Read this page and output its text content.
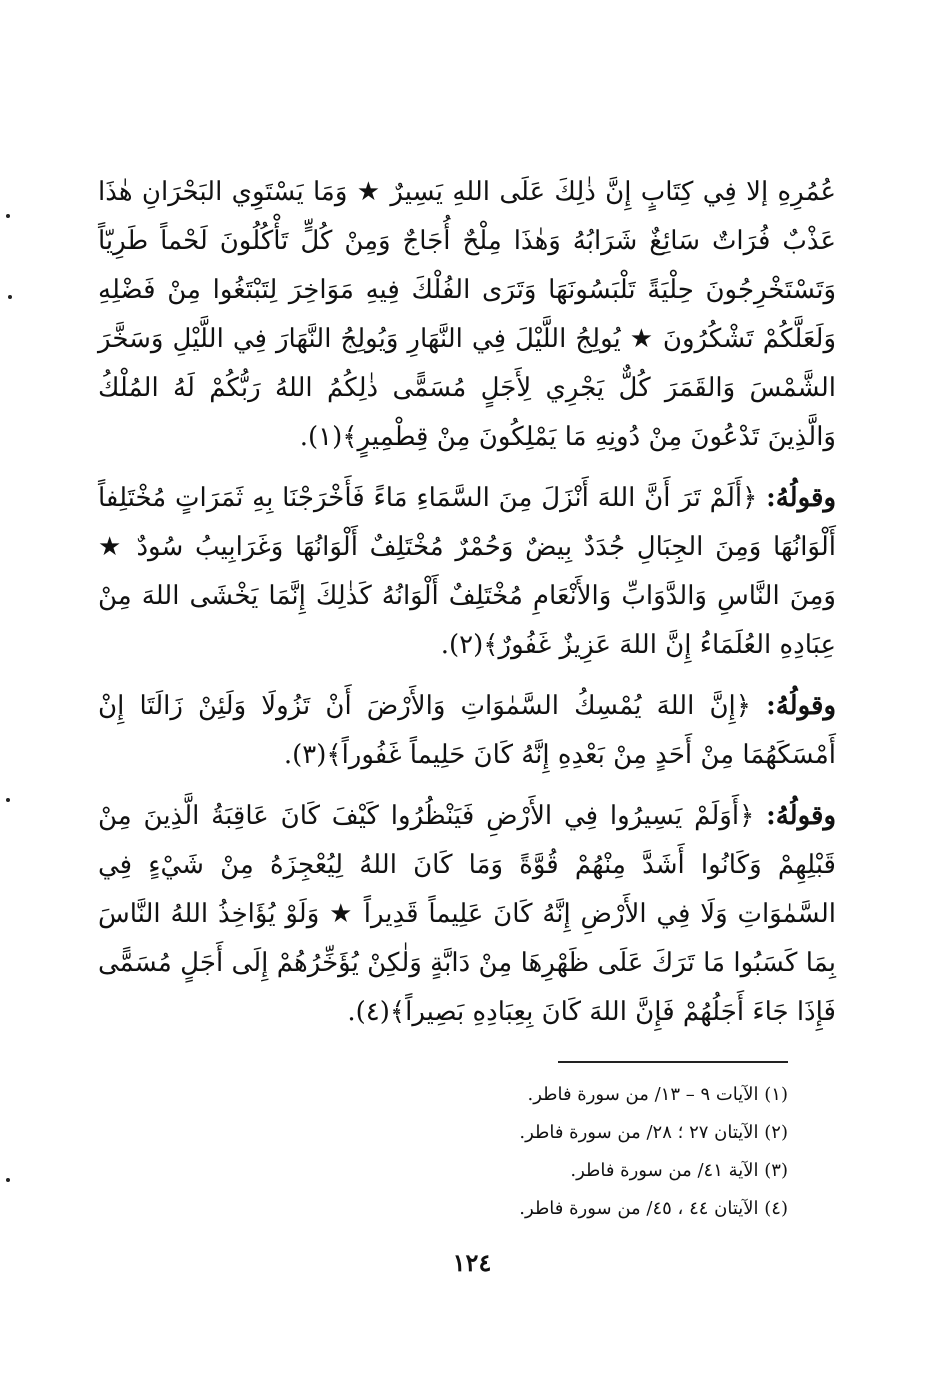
عُمُرِهِ إلا فِي كِتَابٍ إِنَّ ذٰلِكَ عَلَى اللهِ يَسِيرٌ ★ وَمَا يَسْتَوِي البَحْرَانِ هٰذَا عَذْبٌ فُرَاتٌ سَائِغٌ شَرَابُهُ وَهٰذَا مِلْحٌ أُجَاجٌ وَمِنْ كُلٍّ تَأْكُلُونَ لَحْماً طَرِيّاً وَتَسْتَخْرِجُونَ حِلْيَةً تَلْبَسُونَهَا وَتَرَى الفُلْكَ فِيهِ مَوَاخِرَ لِتَبْتَغُوا مِنْ فَضْلِهِ وَلَعَلَّكُمْ تَشْكُرُونَ ★ يُولِجُ اللَّيْلَ فِي النَّهَارِ وَيُولِجُ النَّهَارَ فِي اللَّيْلِ وَسَخَّرَ الشَّمْسَ وَالقَمَرَ كُلٌّ يَجْرِي لِأَجَلٍ مُسَمًّى ذٰلِكُمُ اللهُ رَبُّكُمْ لَهُ المُلْكُ وَالَّذِينَ تَدْعُونَ مِنْ دُونِهِ مَا يَمْلِكُونَ مِنْ قِطْمِيرٍ﴾(١).

وقولُهُ: ﴿أَلَمْ تَرَ أَنَّ اللهَ أَنْزَلَ مِنَ السَّمَاءِ مَاءً فَأَخْرَجْنَا بِهِ ثَمَرَاتٍ مُخْتَلِفاً أَلْوَانُهَا وَمِنَ الجِبَالِ جُدَدٌ بِيضٌ وَحُمْرٌ مُخْتَلِفٌ أَلْوَانُهَا وَغَرَابِيبُ سُودٌ ★ وَمِنَ النَّاسِ وَالدَّوَابِّ وَالأَنْعَامِ مُخْتَلِفٌ أَلْوَانُهُ كَذٰلِكَ إِنَّمَا يَخْشَى اللهَ مِنْ عِبَادِهِ العُلَمَاءُ إِنَّ اللهَ عَزِيزٌ غَفُورٌ﴾(٢).

وقولُهُ: ﴿إِنَّ اللهَ يُمْسِكُ السَّمٰوَاتِ وَالأَرْضَ أَنْ تَزُولَا وَلَئِنْ زَالَتَا إِنْ أَمْسَكَهُمَا مِنْ أَحَدٍ مِنْ بَعْدِهِ إِنَّهُ كَانَ حَلِيماً غَفُوراً﴾(٣).

وقولُهُ: ﴿أَوَلَمْ يَسِيرُوا فِي الأَرْضِ فَيَنْظُرُوا كَيْفَ كَانَ عَاقِبَةُ الَّذِينَ مِنْ قَبْلِهِمْ وَكَانُوا أَشَدَّ مِنْهُمْ قُوَّةً وَمَا كَانَ اللهُ لِيُعْجِزَهُ مِنْ شَيْءٍ فِي السَّمٰوَاتِ وَلَا فِي الأَرْضِ إِنَّهُ كَانَ عَلِيماً قَدِيراً ★ وَلَوْ يُؤَاخِذُ اللهُ النَّاسَ بِمَا كَسَبُوا مَا تَرَكَ عَلَى ظَهْرِهَا مِنْ دَابَّةٍ وَلٰكِنْ يُؤَخِّرُهُمْ إِلَى أَجَلٍ مُسَمًّى فَإِذَا جَاءَ أَجَلُهُمْ فَإِنَّ اللهَ كَانَ بِعِبَادِهِ بَصِيراً﴾(٤).

(١) الآيات ٩ – ١٣/ من سورة فاطر.

(٢) الآيتان ٢٧ ؛ ٢٨/ من سورة فاطر.

(٣) الآية ٤١/ من سورة فاطر.

(٤) الآيتان ٤٤ ، ٤٥/ من سورة فاطر.

١٢٤
